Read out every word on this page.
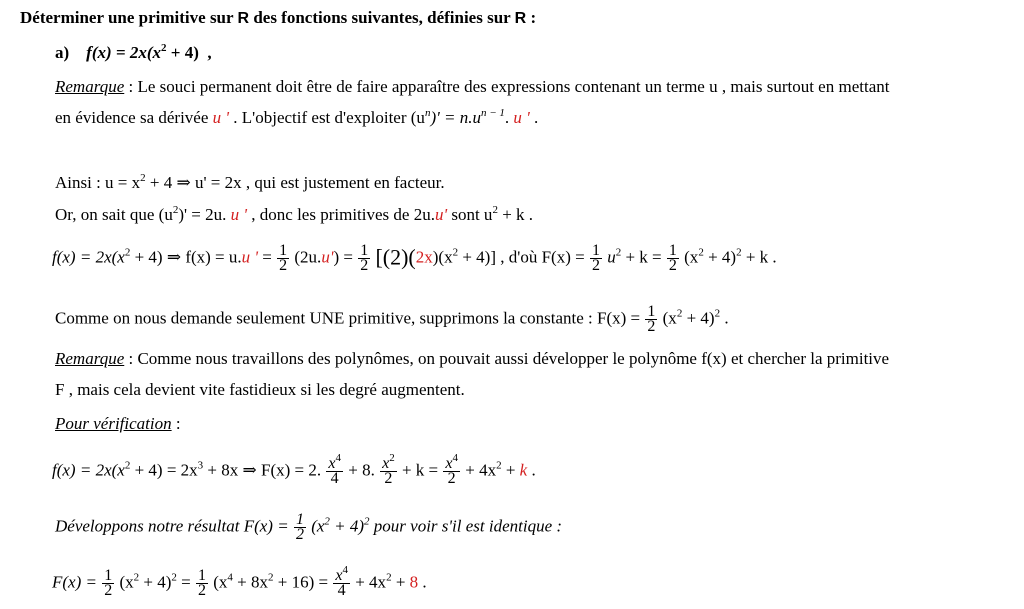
Déterminer une primitive sur R des fonctions suivantes, définies sur R :
a) $f(x) = 2x(x^2 + 4)$ ,
Remarque : Le souci permanent doit être de faire apparaître des expressions contenant un terme u , mais surtout en mettant
en évidence sa dérivée u ' . L'objectif est d'exploiter $(u^n)' = n.u^{n - 1}$. u ' .
Ainsi : $u = x^2 + 4$ ⇒ u' = 2x , qui est justement en facteur.
Or, on sait que $(u^2)' = 2u$. u ' , donc les primitives de 2u.u' sont $u^2 + k$ .
$f(x) = 2x(x^2 + 4)$ ⇒ f(x) = u.u ' = $\frac{1}{2} (2u.u') = \frac{1}{2} [(2)(2x)(x^2 + 4)]$ , d'où $F(x) = \frac{1}{2} u^2 + k = \frac{1}{2} (x^2 + 4)^2 + k$ .
Comme on nous demande seulement UNE primitive, supprimons la constante : $F(x) = \frac{1}{2} (x^2 + 4)^2$ .
Remarque : Comme nous travaillons des polynômes, on pouvait aussi développer le polynôme f(x) et chercher la primitive
F , mais cela devient vite fastidieux si les degré augmentent.
Pour vérification :
$f(x) = 2x(x^2 + 4) = 2x^3 + 8x$ ⇒ F(x) = 2. $\frac{x^4}{4} + 8$. $\frac{x^2}{2} + k = \frac{x^4}{2} + 4x^2 + k$ .
Développons notre résultat $F(x) = \frac{1}{2} (x^2 + 4)^2$ pour voir s'il est identique :
$F(x) = \frac{1}{2} (x^2 + 4)^2 = \frac{1}{2} (x^4 + 8x^2 + 16) = \frac{x^4}{4} + 4x^2 + 8$ .
